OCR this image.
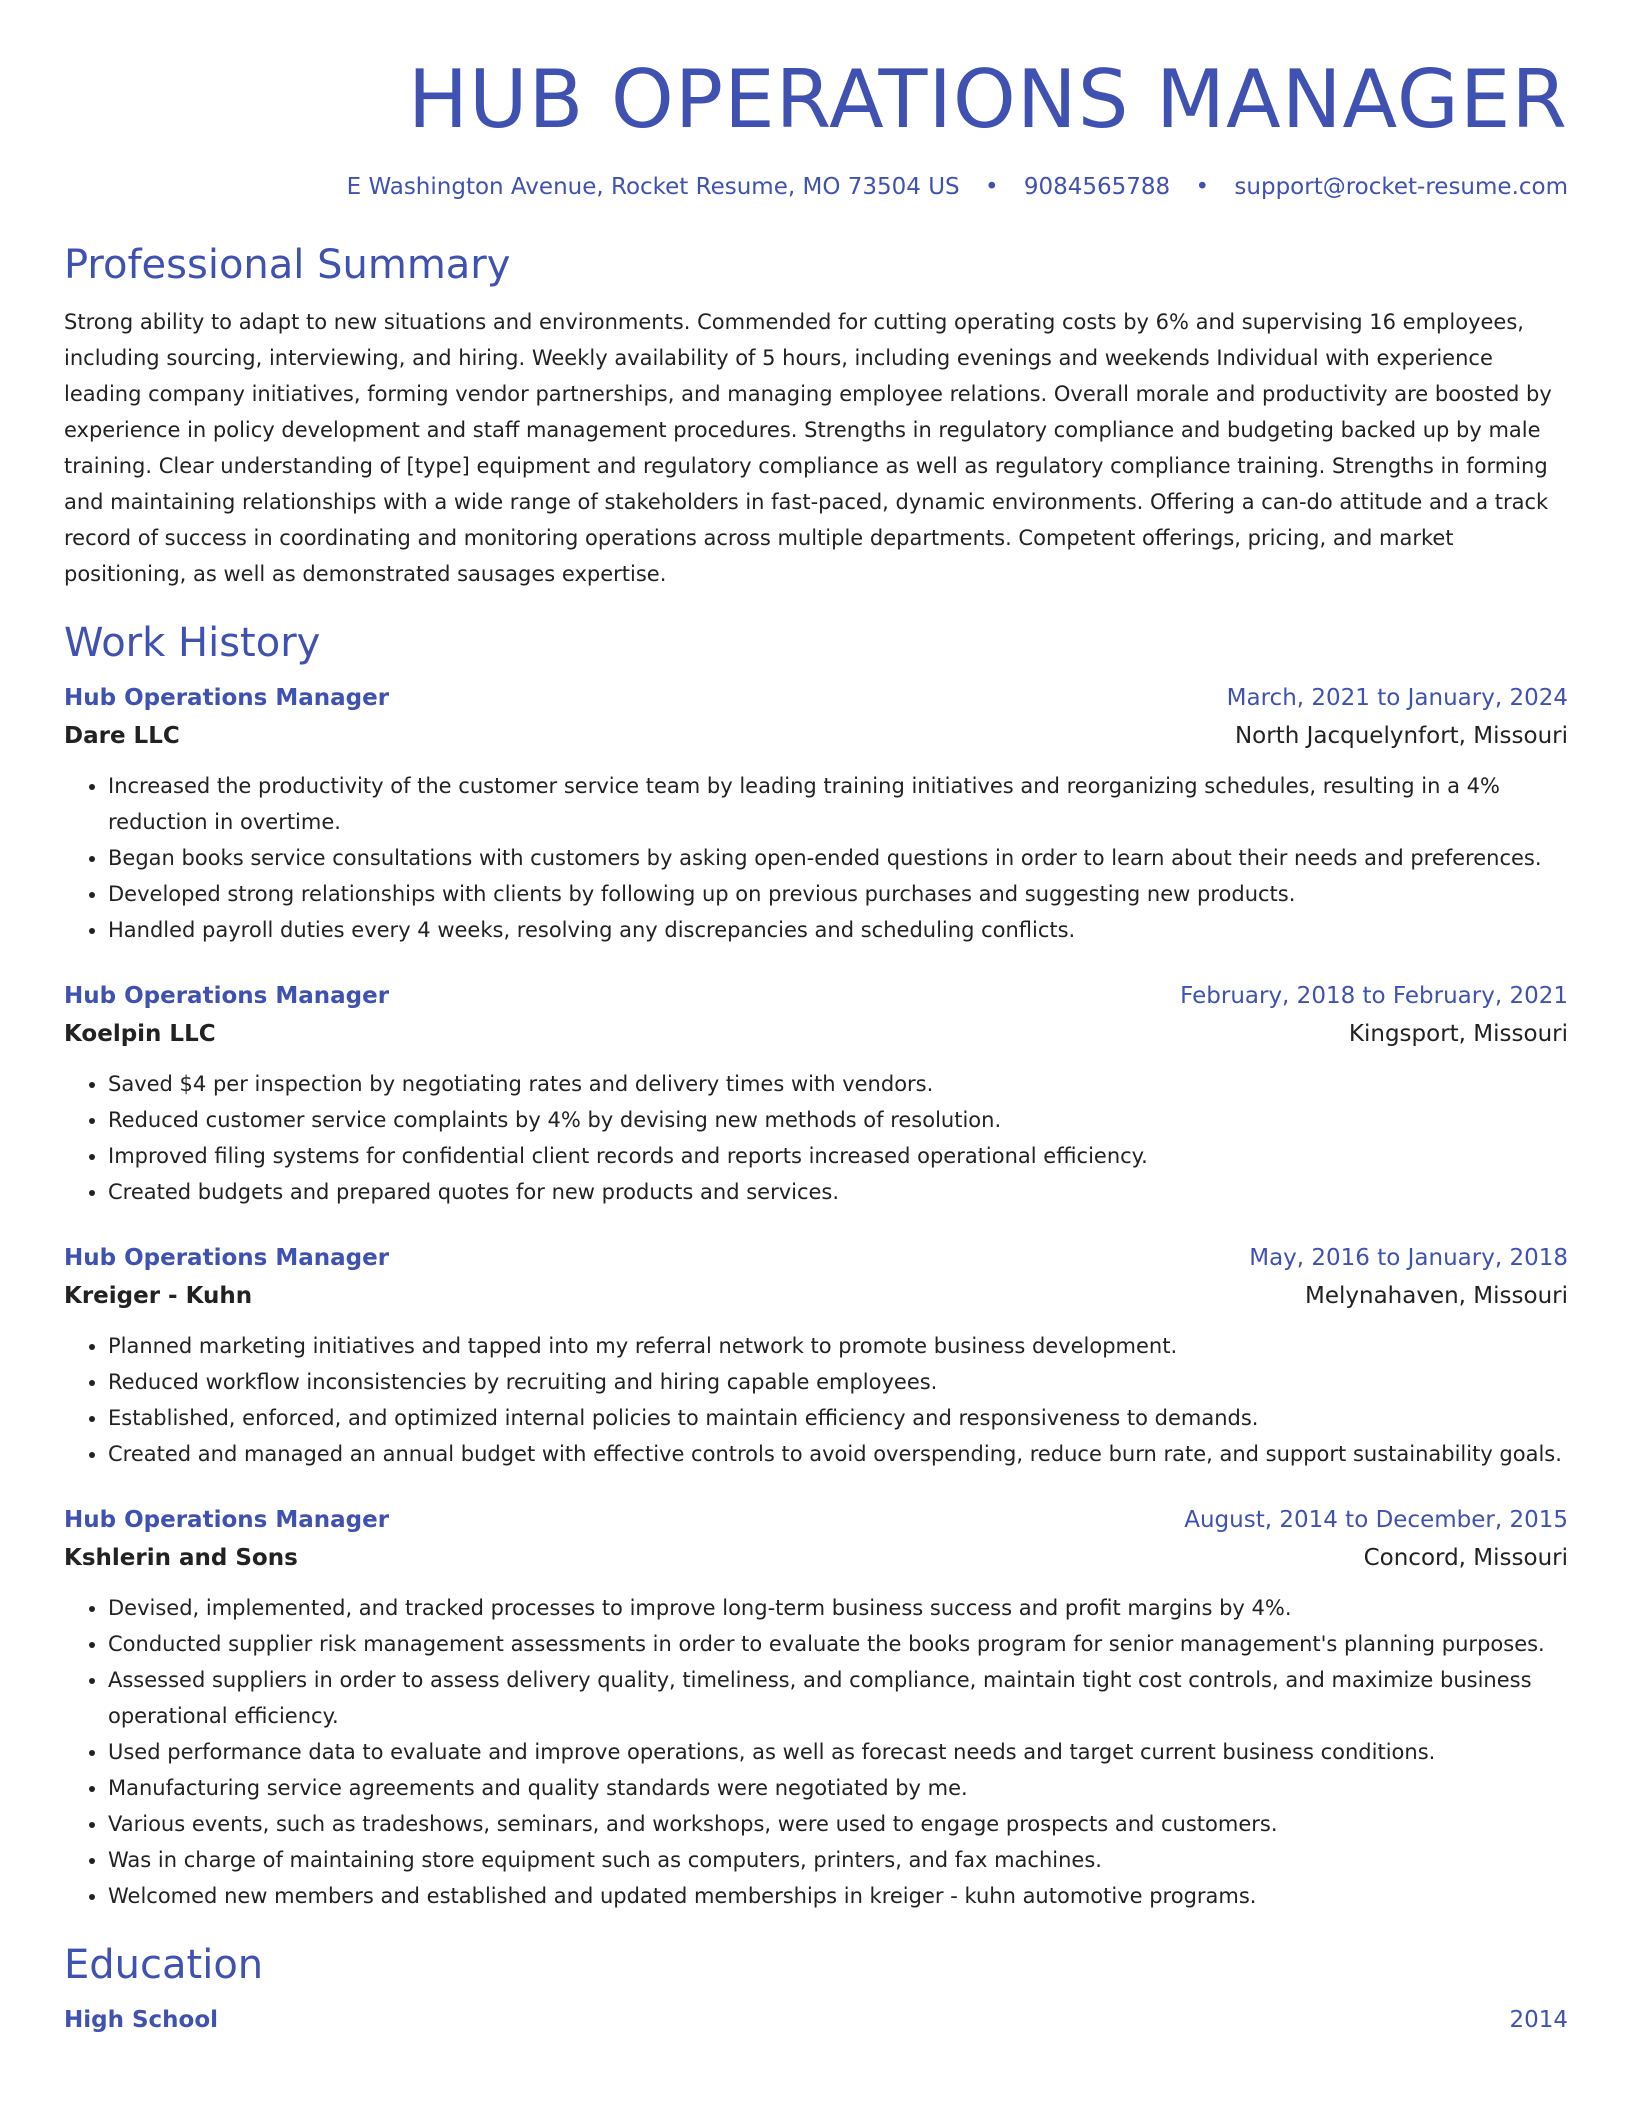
HUB OPERATIONS MANAGER
E Washington Avenue, Rocket Resume, MO 73504 US • 9084565788 • support@rocket-resume.com
Professional Summary

Strong ability to adapt to new situations and environments. Commended for cutting operating costs by 6% and supervising 16 employees, including sourcing, interviewing, and hiring. Weekly availability of 5 hours, including evenings and weekends Individual with experience leading company initiatives, forming vendor partnerships, and managing employee relations. Overall morale and productivity are boosted by experience in policy development and staff management procedures. Strengths in regulatory compliance and budgeting backed up by male training. Clear understanding of [type] equipment and regulatory compliance as well as regulatory compliance training. Strengths in forming and maintaining relationships with a wide range of stakeholders in fast-paced, dynamic environments. Offering a can-do attitude and a track record of success in coordinating and monitoring operations across multiple departments. Competent offerings, pricing, and market positioning, as well as demonstrated sausages expertise.

Work History
Hub Operations Manager	March, 2021 to January, 2024
Dare LLC	North Jacquelynfort, Missouri
• Increased the productivity of the customer service team by leading training initiatives and reorganizing schedules, resulting in a 4% reduction in overtime.
• Began books service consultations with customers by asking open-ended questions in order to learn about their needs and preferences.
• Developed strong relationships with clients by following up on previous purchases and suggesting new products.
• Handled payroll duties every 4 weeks, resolving any discrepancies and scheduling conflicts.
Hub Operations Manager	February, 2018 to February, 2021
Koelpin LLC	Kingsport, Missouri
• Saved $4 per inspection by negotiating rates and delivery times with vendors.
• Reduced customer service complaints by 4% by devising new methods of resolution.
• Improved filing systems for confidential client records and reports increased operational efficiency.
• Created budgets and prepared quotes for new products and services.
Hub Operations Manager	May, 2016 to January, 2018
Kreiger - Kuhn	Melynahaven, Missouri
• Planned marketing initiatives and tapped into my referral network to promote business development.
• Reduced workflow inconsistencies by recruiting and hiring capable employees.
• Established, enforced, and optimized internal policies to maintain efficiency and responsiveness to demands.
• Created and managed an annual budget with effective controls to avoid overspending, reduce burn rate, and support sustainability goals.
Hub Operations Manager	August, 2014 to December, 2015
Kshlerin and Sons	Concord, Missouri
• Devised, implemented, and tracked processes to improve long-term business success and profit margins by 4%.
• Conducted supplier risk management assessments in order to evaluate the books program for senior management's planning purposes.
• Assessed suppliers in order to assess delivery quality, timeliness, and compliance, maintain tight cost controls, and maximize business operational efficiency.
• Used performance data to evaluate and improve operations, as well as forecast needs and target current business conditions.
• Manufacturing service agreements and quality standards were negotiated by me.
• Various events, such as tradeshows, seminars, and workshops, were used to engage prospects and customers.
• Was in charge of maintaining store equipment such as computers, printers, and fax machines.
• Welcomed new members and established and updated memberships in kreiger - kuhn automotive programs.
Education
High School	2014
